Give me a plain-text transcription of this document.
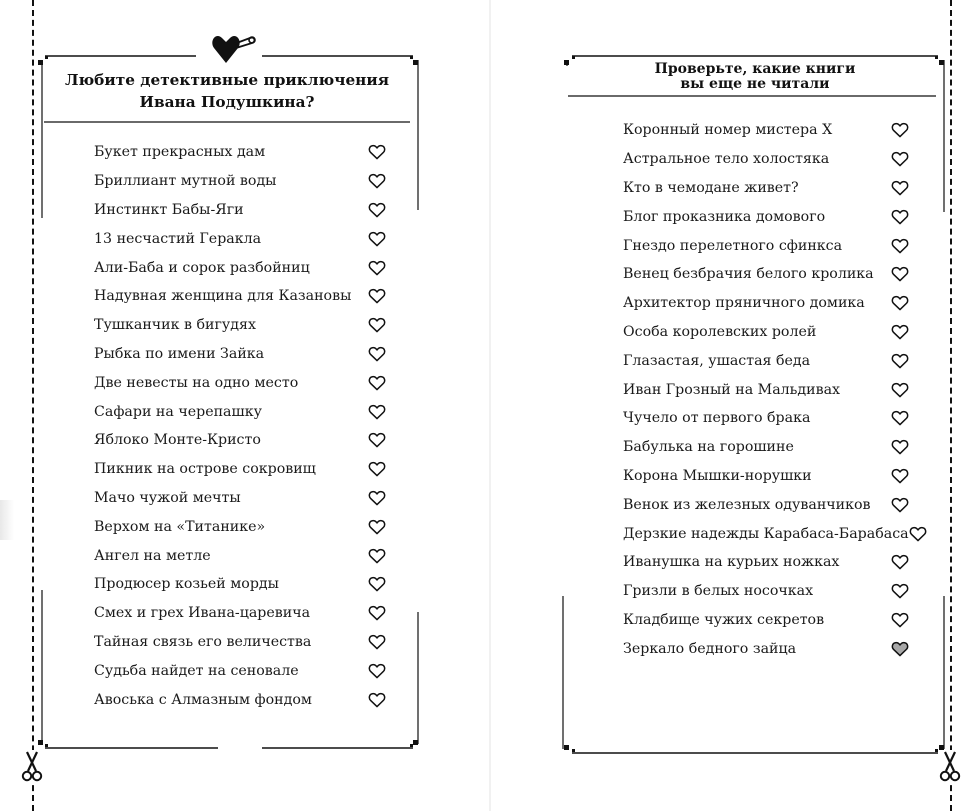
Любите детективные приключения
Ивана Подушкина?
Букет прекрасных дам
Бриллиант мутной воды
Инстинкт Бабы-Яги
13 несчастий Геракла
Али-Баба и сорок разбойниц
Надувная женщина для Казановы
Тушканчик в бигудях
Рыбка по имени Зайка
Две невесты на одно место
Сафари на черепашку
Яблоко Монте-Кристо
Пикник на острове сокровищ
Мачо чужой мечты
Верхом на «Титанике»
Ангел на метле
Продюсер козьей морды
Смех и грех Ивана-царевича
Тайная связь его величества
Судьба найдет на сеновале
Авоська с Алмазным фондом
Проверьте, какие книги
вы еще не читали
Коронный номер мистера Х
Астральное тело холостяка
Кто в чемодане живет?
Блог проказника домового
Гнездо перелетного сфинкса
Венец безбрачия белого кролика
Архитектор пряничного домика
Особа королевских ролей
Глазастая, ушастая беда
Иван Грозный на Мальдивах
Чучело от первого брака
Бабулька на горошине
Корона Мышки-норушки
Венок из железных одуванчиков
Дерзкие надежды Карабаса-Барабаса
Иванушка на курьих ножках
Гризли в белых носочках
Кладбище чужих секретов
Зеркало бедного зайца
